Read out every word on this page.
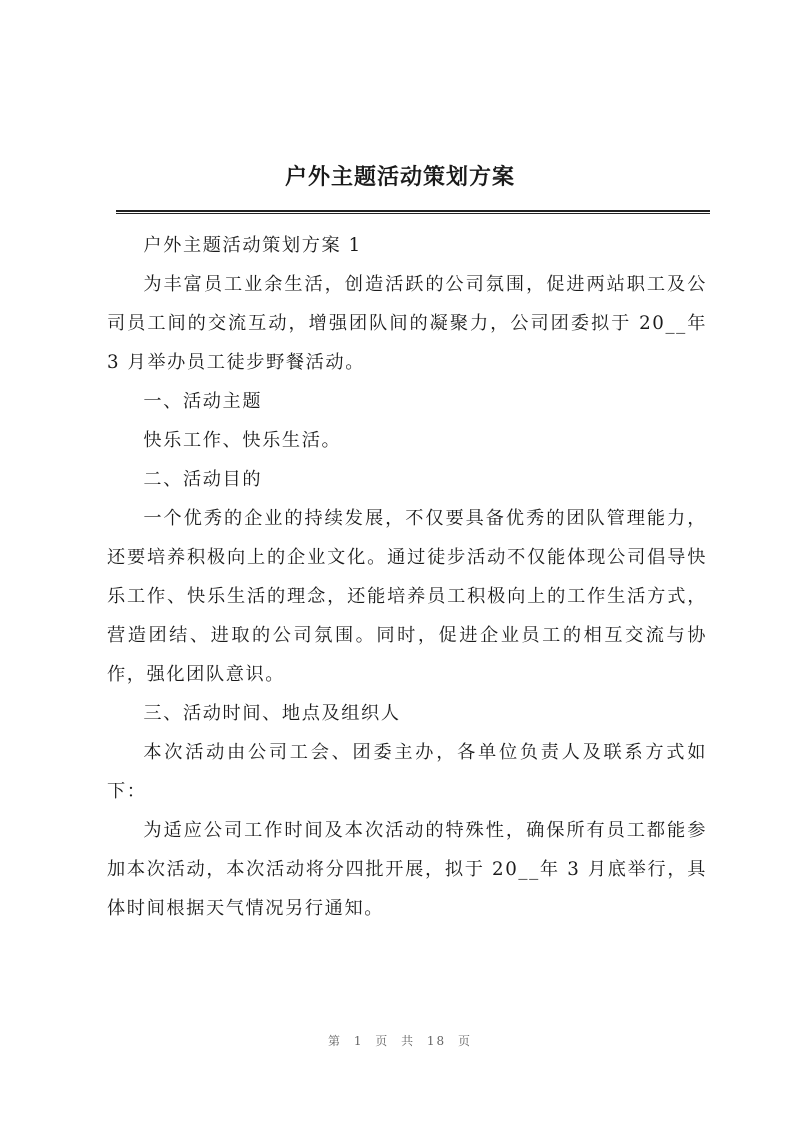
户外主题活动策划方案

户外主题活动策划方案 1

为丰富员工业余生活，创造活跃的公司氛围，促进两站职工及公司员工间的交流互动，增强团队间的凝聚力，公司团委拟于 20__年 3 月举办员工徒步野餐活动。

一、活动主题

快乐工作、快乐生活。

二、活动目的

一个优秀的企业的持续发展，不仅要具备优秀的团队管理能力，还要培养积极向上的企业文化。通过徒步活动不仅能体现公司倡导快乐工作、快乐生活的理念，还能培养员工积极向上的工作生活方式，营造团结、进取的公司氛围。同时，促进企业员工的相互交流与协作，强化团队意识。

三、活动时间、地点及组织人

本次活动由公司工会、团委主办，各单位负责人及联系方式如下：

为适应公司工作时间及本次活动的特殊性，确保所有员工都能参加本次活动，本次活动将分四批开展，拟于 20__年 3 月底举行，具体时间根据天气情况另行通知。

第 1 页 共 18 页
